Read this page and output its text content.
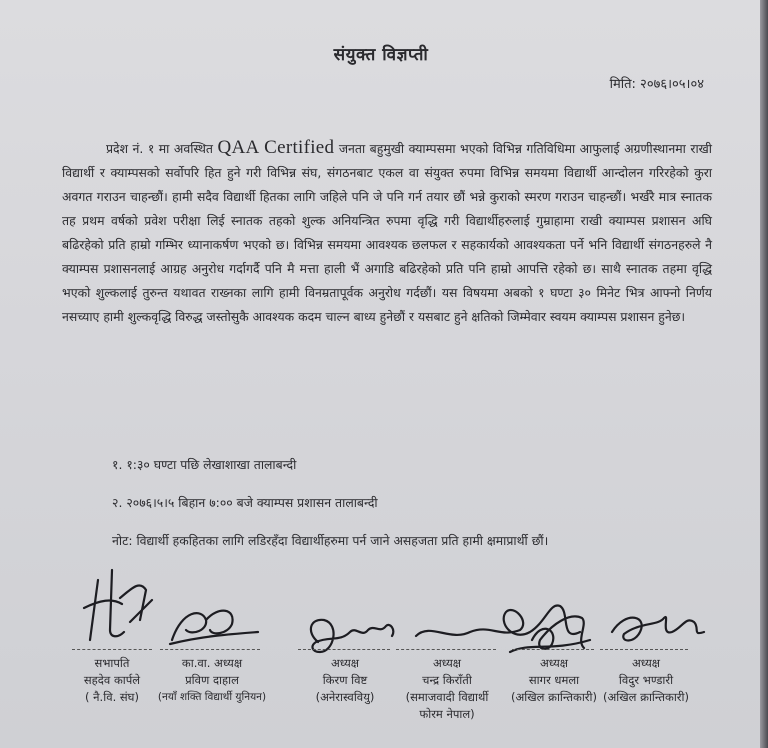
संयुक्त विज्ञप्ती
मिति: २०७६।०५।०४
प्रदेश नं. १ मा अवस्थित QAA Certified जनता बहुमुखी क्याम्पसमा भएको विभिन्न गतिविधिमा आफुलाई अग्रणीस्थानमा राखी विद्यार्थी र क्याम्पसको सर्वोपरि हित हुने गरी विभिन्न संघ, संगठनबाट एकल वा संयुक्त रुपमा विभिन्न समयमा विद्यार्थी आन्दोलन गरिरहेको कुरा अवगत गराउन चाहन्छौं। हामी सदैव विद्यार्थी हितका लागि जहिले पनि जे पनि गर्न तयार छौं भन्ने कुराको स्मरण गराउन चाहन्छौं। भर्खरै मात्र स्नातक तह प्रथम वर्षको प्रवेश परीक्षा लिई स्नातक तहको शुल्क अनियन्त्रित रुपमा वृद्धि गरी विद्यार्थीहरुलाई गुम्राहामा राखी क्याम्पस प्रशासन अघि बढिरहेको प्रति हाम्रो गम्भिर ध्यानाकर्षण भएको छ। विभिन्न समयमा आवश्यक छलफल र सहकार्यको आवश्यकता पर्ने भनि विद्यार्थी संगठनहरुले नै क्याम्पस प्रशासनलाई आग्रह अनुरोध गर्दागर्दै पनि मै मत्ता हाली भैं अगाडि बढिरहेको प्रति पनि हाम्रो आपत्ति रहेको छ। साथै स्नातक तहमा वृद्धि भएको शुल्कलाई तुरुन्त यथावत राख्नका लागि हामी विनम्रतापूर्वक अनुरोध गर्दछौं। यस विषयमा अबको १ घण्टा ३० मिनेट भित्र आफ्नो निर्णय नसच्याए हामी शुल्कवृद्धि विरुद्ध जस्तोसुकै आवश्यक कदम चाल्न बाध्य हुनेछौं र यसबाट हुने क्षतिको जिम्मेवार स्वयम क्याम्पस प्रशासन हुनेछ।
१. १:३० घण्टा पछि लेखाशाखा तालाबन्दी
२. २०७६।५।५ बिहान ७:०० बजे क्याम्पस प्रशासन तालाबन्दी
नोट: विद्यार्थी हकहितका लागि लडिरहँदा विद्यार्थीहरुमा पर्न जाने असहजता प्रति हामी क्षमाप्रार्थी छौं।
सभापति
सहदेव कार्पले
( नै.वि. संघ)
का.वा. अध्यक्ष
प्रविण दाहाल
(नयाँ शक्ति विद्यार्थी युनियन)
अध्यक्ष
किरण विष्ट
(अनेरास्ववियु)
अध्यक्ष
चन्द्र किराँती
(समाजवादी विद्यार्थी
फोरम नेपाल)
अध्यक्ष
सागर धमला
(अखिल क्रान्तिकारी)
अध्यक्ष
विदुर भण्डारी
(अखिल क्रान्तिकारी)
